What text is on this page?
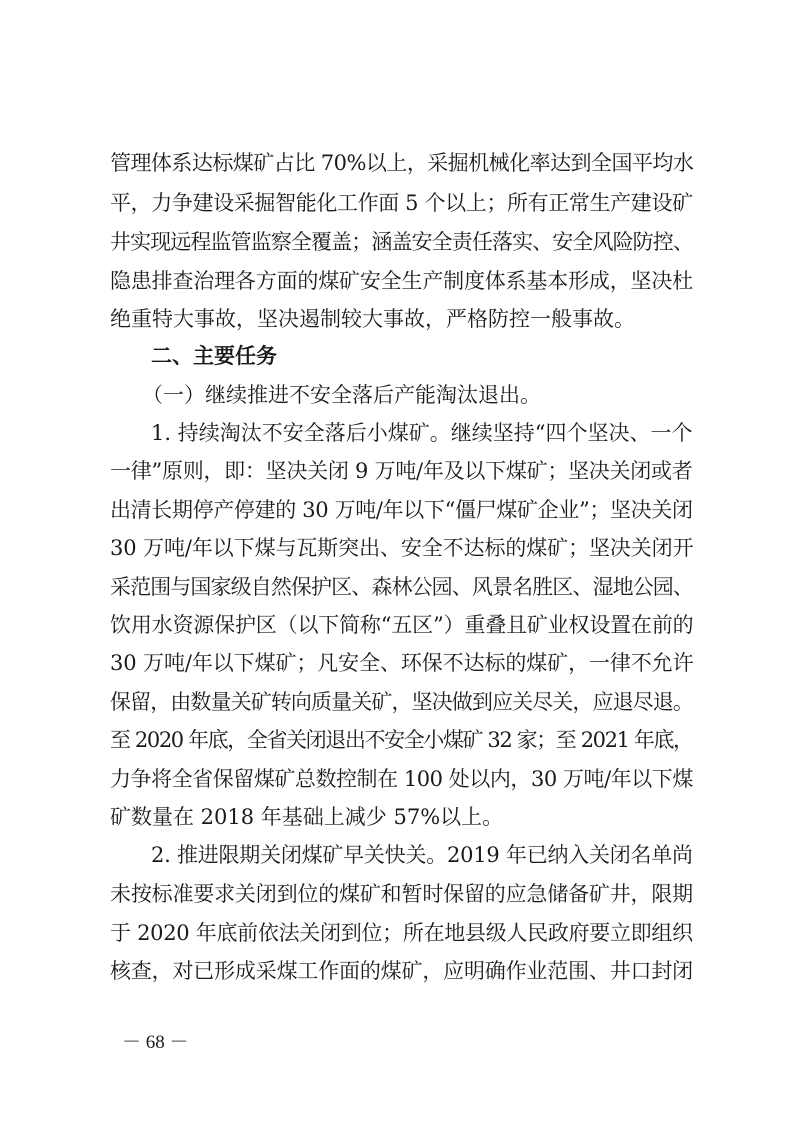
管理体系达标煤矿占比 70%以上，采掘机械化率达到全国平均水
平，力争建设采掘智能化工作面 5 个以上；所有正常生产建设矿
井实现远程监管监察全覆盖；涵盖安全责任落实、安全风险防控、
隐患排查治理各方面的煤矿安全生产制度体系基本形成，坚决杜
绝重特大事故，坚决遏制较大事故，严格防控一般事故。
二、主要任务
（一）继续推进不安全落后产能淘汰退出。
1. 持续淘汰不安全落后小煤矿。继续坚持“四个坚决、一个
一律”原则，即：坚决关闭 9 万吨/年及以下煤矿；坚决关闭或者
出清长期停产停建的 30 万吨/年以下“僵尸煤矿企业”；坚决关闭
30 万吨/年以下煤与瓦斯突出、安全不达标的煤矿；坚决关闭开
采范围与国家级自然保护区、森林公园、风景名胜区、湿地公园、
饮用水资源保护区（以下简称“五区”）重叠且矿业权设置在前的
30 万吨/年以下煤矿；凡安全、环保不达标的煤矿，一律不允许
保留，由数量关矿转向质量关矿，坚决做到应关尽关，应退尽退。
至 2020 年底，全省关闭退出不安全小煤矿 32 家；至 2021 年底，
力争将全省保留煤矿总数控制在 100 处以内，30 万吨/年以下煤
矿数量在 2018 年基础上减少 57%以上。
2. 推进限期关闭煤矿早关快关。2019 年已纳入关闭名单尚
未按标准要求关闭到位的煤矿和暂时保留的应急储备矿井，限期
于 2020 年底前依法关闭到位；所在地县级人民政府要立即组织
核查，对已形成采煤工作面的煤矿，应明确作业范围、井口封闭
－ 68 －
